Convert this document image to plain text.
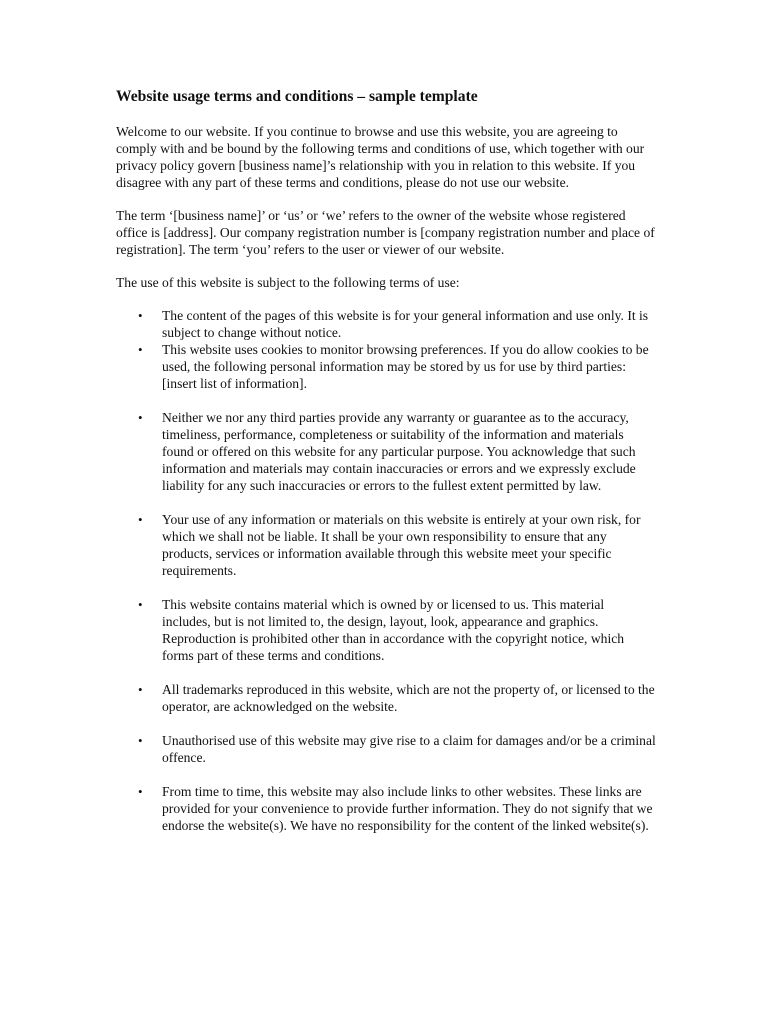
Website usage terms and conditions – sample template

Welcome to our website. If you continue to browse and use this website, you are agreeing to comply with and be bound by the following terms and conditions of use, which together with our privacy policy govern [business name]’s relationship with you in relation to this website. If you disagree with any part of these terms and conditions, please do not use our website.

The term ‘[business name]’ or ‘us’ or ‘we’ refers to the owner of the website whose registered office is [address]. Our company registration number is [company registration number and place of registration]. The term ‘you’ refers to the user or viewer of our website.

The use of this website is subject to the following terms of use:

• The content of the pages of this website is for your general information and use only. It is subject to change without notice.
• This website uses cookies to monitor browsing preferences. If you do allow cookies to be used, the following personal information may be stored by us for use by third parties: [insert list of information].
• Neither we nor any third parties provide any warranty or guarantee as to the accuracy, timeliness, performance, completeness or suitability of the information and materials found or offered on this website for any particular purpose. You acknowledge that such information and materials may contain inaccuracies or errors and we expressly exclude liability for any such inaccuracies or errors to the fullest extent permitted by law.
• Your use of any information or materials on this website is entirely at your own risk, for which we shall not be liable. It shall be your own responsibility to ensure that any products, services or information available through this website meet your specific requirements.
• This website contains material which is owned by or licensed to us. This material includes, but is not limited to, the design, layout, look, appearance and graphics. Reproduction is prohibited other than in accordance with the copyright notice, which forms part of these terms and conditions.
• All trademarks reproduced in this website, which are not the property of, or licensed to the operator, are acknowledged on the website.
• Unauthorised use of this website may give rise to a claim for damages and/or be a criminal offence.
• From time to time, this website may also include links to other websites. These links are provided for your convenience to provide further information. They do not signify that we endorse the website(s). We have no responsibility for the content of the linked website(s).
